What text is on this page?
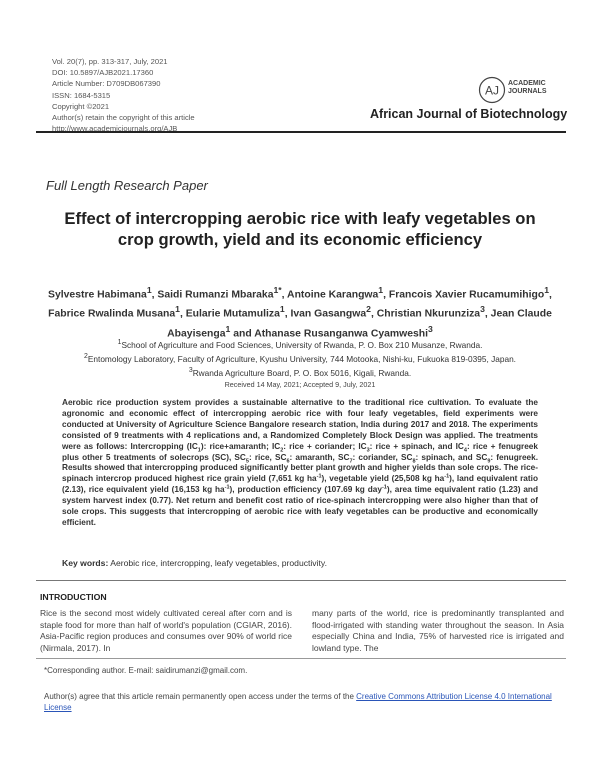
Vol. 20(7), pp. 313-317, July, 2021
DOI: 10.5897/AJB2021.17360
Article Number: D709DB067390
ISSN: 1684-5315
Copyright ©2021
Author(s) retain the copyright of this article
http://www.academicjournals.org/AJB
AJ ACADEMIC
JOURNALS
African Journal of Biotechnology
Full Length Research Paper
Effect of intercropping aerobic rice with leafy vegetables on crop growth, yield and its economic efficiency
Sylvestre Habimana$^1$, Saidi Rumanzi Mbaraka$^{1*}$, Antoine Karangwa$^1$, Francois Xavier Rucamumihigo$^1$, Fabrice Rwalinda Musana$^1$, Eularie Mutamuliza$^1$, Ivan Gasangwa$^2$, Christian Nkurunziza$^3$, Jean Claude Abayisenga$^1$ and Athanase Rusanganwa Cyamweshi$^3$
$^1$School of Agriculture and Food Sciences, University of Rwanda, P. O. Box 210 Musanze, Rwanda.
$^2$Entomology Laboratory, Faculty of Agriculture, Kyushu University, 744 Motooka, Nishi-ku, Fukuoka 819-0395, Japan.
$^3$Rwanda Agriculture Board, P. O. Box 5016, Kigali, Rwanda.
Received 14 May, 2021; Accepted 9, July, 2021
Aerobic rice production system provides a sustainable alternative to the traditional rice cultivation. To evaluate the agronomic and economic effect of intercropping aerobic rice with four leafy vegetables, field experiments were conducted at University of Agriculture Science Bangalore research station, India during 2017 and 2018. The experiments consisted of 9 treatments with 4 replications and, a Randomized Completely Block Design was applied. The treatments were as follows: Intercropping $(IC_1)$: rice+amaranth; $IC_2$: rice + coriander; $IC_3$: rice + spinach, and $IC_4$: rice + fenugreek plus other 5 treatments of solecrops (SC), $SC_5$: rice, $SC_6$: amaranth, $SC_7$: coriander, $SC_8$: spinach, and $SC_9$: fenugreek. Results showed that intercropping produced significantly better plant growth and higher yields than sole crops. The rice-spinach intercrop produced highest rice grain yield (7,651 kg $ha^{-1}$), vegetable yield (25,508 kg $ha^{-1}$), land equivalent ratio (2.13), rice equivalent yield (16,153 kg $ha^{-1}$), production efficiency (107.69 kg day$^{-1}$), area time equivalent ratio (1.23) and system harvest index (0.77). Net return and benefit cost ratio of rice-spinach intercropping were also higher than that of sole crops. This suggests that intercropping of aerobic rice with leafy vegetables can be productive and economically efficient.
Key words: Aerobic rice, intercropping, leafy vegetables, productivity.
INTRODUCTION
Rice is the second most widely cultivated cereal after corn and is staple food for more than half of world's population (CGIAR, 2016). Asia-Pacific region produces and consumes over 90% of world rice (Nirmala, 2017). In
many parts of the world, rice is predominantly transplanted and flood-irrigated with standing water throughout the season. In Asia especially China and India, 75% of harvested rice is irrigated and lowland type. The
*Corresponding author. E-mail: saidirumanzi@gmail.com.
Author(s) agree that this article remain permanently open access under the terms of the Creative Commons Attribution License 4.0 International License
